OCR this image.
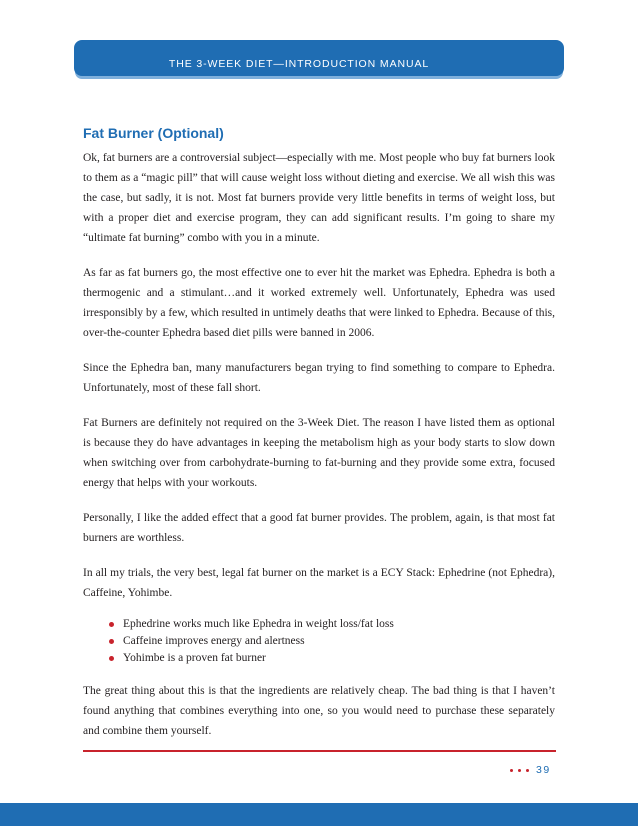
THE 3-WEEK DIET—INTRODUCTION MANUAL
Fat Burner (Optional)

Ok, fat burners are a controversial subject—especially with me. Most people who buy fat burners look to them as a “magic pill” that will cause weight loss without dieting and exercise. We all wish this was the case, but sadly, it is not. Most fat burners provide very little benefits in terms of weight loss, but with a proper diet and exercise program, they can add significant results. I’m going to share my “ultimate fat burning” combo with you in a minute.

As far as fat burners go, the most effective one to ever hit the market was Ephedra. Ephedra is both a thermogenic and a stimulant…and it worked extremely well. Unfortunately, Ephedra was used irresponsibly by a few, which resulted in untimely deaths that were linked to Ephedra. Because of this, over-the-counter Ephedra based diet pills were banned in 2006.

Since the Ephedra ban, many manufacturers began trying to find something to compare to Ephedra. Unfortunately, most of these fall short.

Fat Burners are definitely not required on the 3-Week Diet. The reason I have listed them as optional is because they do have advantages in keeping the metabolism high as your body starts to slow down when switching over from carbohydrate-burning to fat-burning and they provide some extra, focused energy that helps with your workouts.

Personally, I like the added effect that a good fat burner provides. The problem, again, is that most fat burners are worthless.

In all my trials, the very best, legal fat burner on the market is a ECY Stack: Ephedrine (not Ephedra), Caffeine, Yohimbe.

Ephedrine works much like Ephedra in weight loss/fat loss
Caffeine improves energy and alertness
Yohimbe is a proven fat burner

The great thing about this is that the ingredients are relatively cheap. The bad thing is that I haven’t found anything that combines everything into one, so you would need to purchase these separately and combine them yourself.

39
